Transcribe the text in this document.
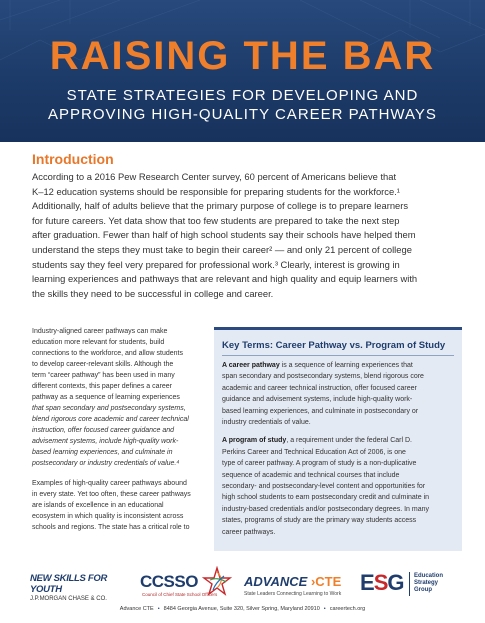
RAISING THE BAR
STATE STRATEGIES FOR DEVELOPING AND
APPROVING HIGH-QUALITY CAREER PATHWAYS
Introduction
According to a 2016 Pew Research Center survey, 60 percent of Americans believe that
K–12 education systems should be responsible for preparing students for the workforce.¹
Additionally, half of adults believe that the primary purpose of college is to prepare learners
for future careers. Yet data show that too few students are prepared to take the next step
after graduation. Fewer than half of high school students say their schools have helped them
understand the steps they must take to begin their career² — and only 21 percent of college
students say they feel very prepared for professional work.³ Clearly, interest is growing in
learning experiences and pathways that are relevant and high quality and equip learners with
the skills they need to be successful in college and career.
Industry-aligned career pathways can make
education more relevant for students, build
connections to the workforce, and allow students
to develop career-relevant skills. Although the
term “career pathway” has been used in many
different contexts, this paper defines a career
pathway as a sequence of learning experiences
that span secondary and postsecondary systems,
blend rigorous core academic and career technical
instruction, offer focused career guidance and
advisement systems, include high-quality work-
based learning experiences, and culminate in
postsecondary or industry credentials of value.⁴
Examples of high-quality career pathways abound
in every state. Yet too often, these career pathways
are islands of excellence in an educational
ecosystem in which quality is inconsistent across
schools and regions. The state has a critical role to
Key Terms: Career Pathway vs. Program of Study
A career pathway is a sequence of learning experiences that
span secondary and postsecondary systems, blend rigorous core
academic and career technical instruction, offer focused career
guidance and advisement systems, include high-quality work-
based learning experiences, and culminate in postsecondary or
industry credentials of value.
A program of study, a requirement under the federal Carl D.
Perkins Career and Technical Education Act of 2006, is one
type of career pathway. A program of study is a non-duplicative
sequence of academic and technical courses that include
secondary- and postsecondary-level content and opportunities for
high school students to earn postsecondary credit and culminate in
industry-based credentials and/or postsecondary degrees. In many
states, programs of study are the primary way students access
career pathways.
NEW SKILLS FOR YOUTH
J.P.MORGAN CHASE & CO.
CCSSO
Council of Chief State School Officers
ADVANCE ›CTE
State Leaders Connecting Learning to Work ESG Education
Strategy
Group
Advance CTE • 8484 Georgia Avenue, Suite 320, Silver Spring, Maryland 20910 • careertech.org
